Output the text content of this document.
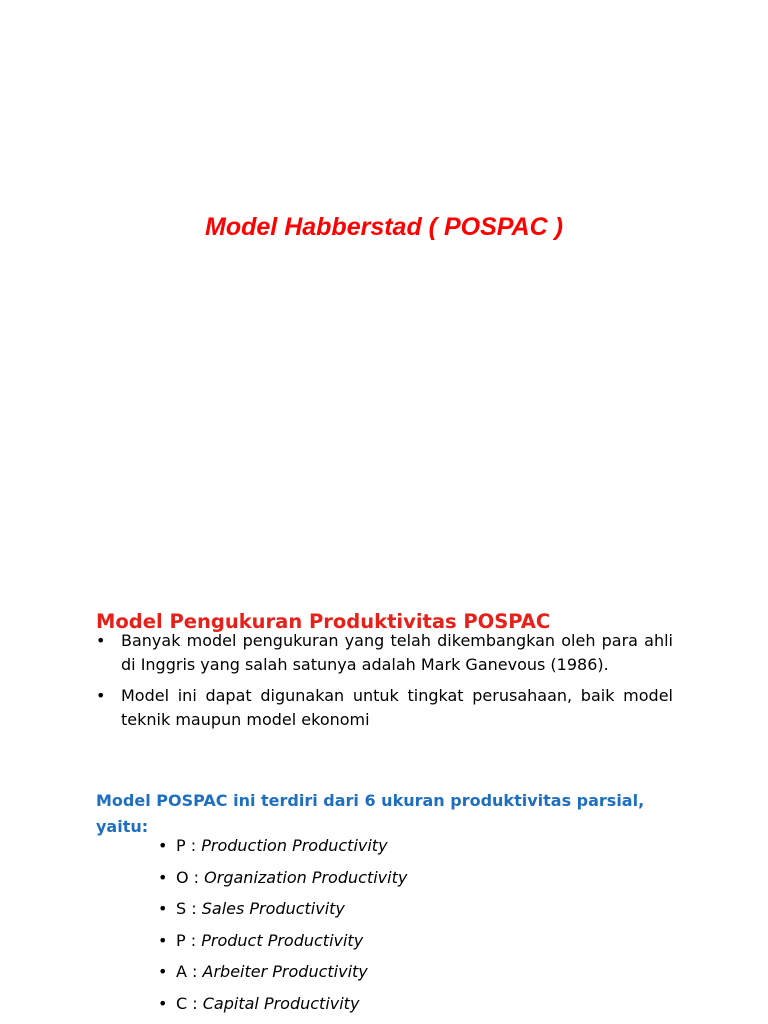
Model Habberstad ( POSPAC )
Model Pengukuran Produktivitas POSPAC
• Banyak model pengukuran yang telah dikembangkan oleh para ahli di Inggris yang salah satunya adalah Mark Ganevous (1986).
• Model ini dapat digunakan untuk tingkat perusahaan, baik model teknik maupun model ekonomi

Model POSPAC ini terdiri dari 6 ukuran produktivitas parsial, yaitu:

• P : Production Productivity
• O : Organization Productivity
• S : Sales Productivity
• P : Product Productivity
• A : Arbeiter Productivity
• C : Capital Productivity
